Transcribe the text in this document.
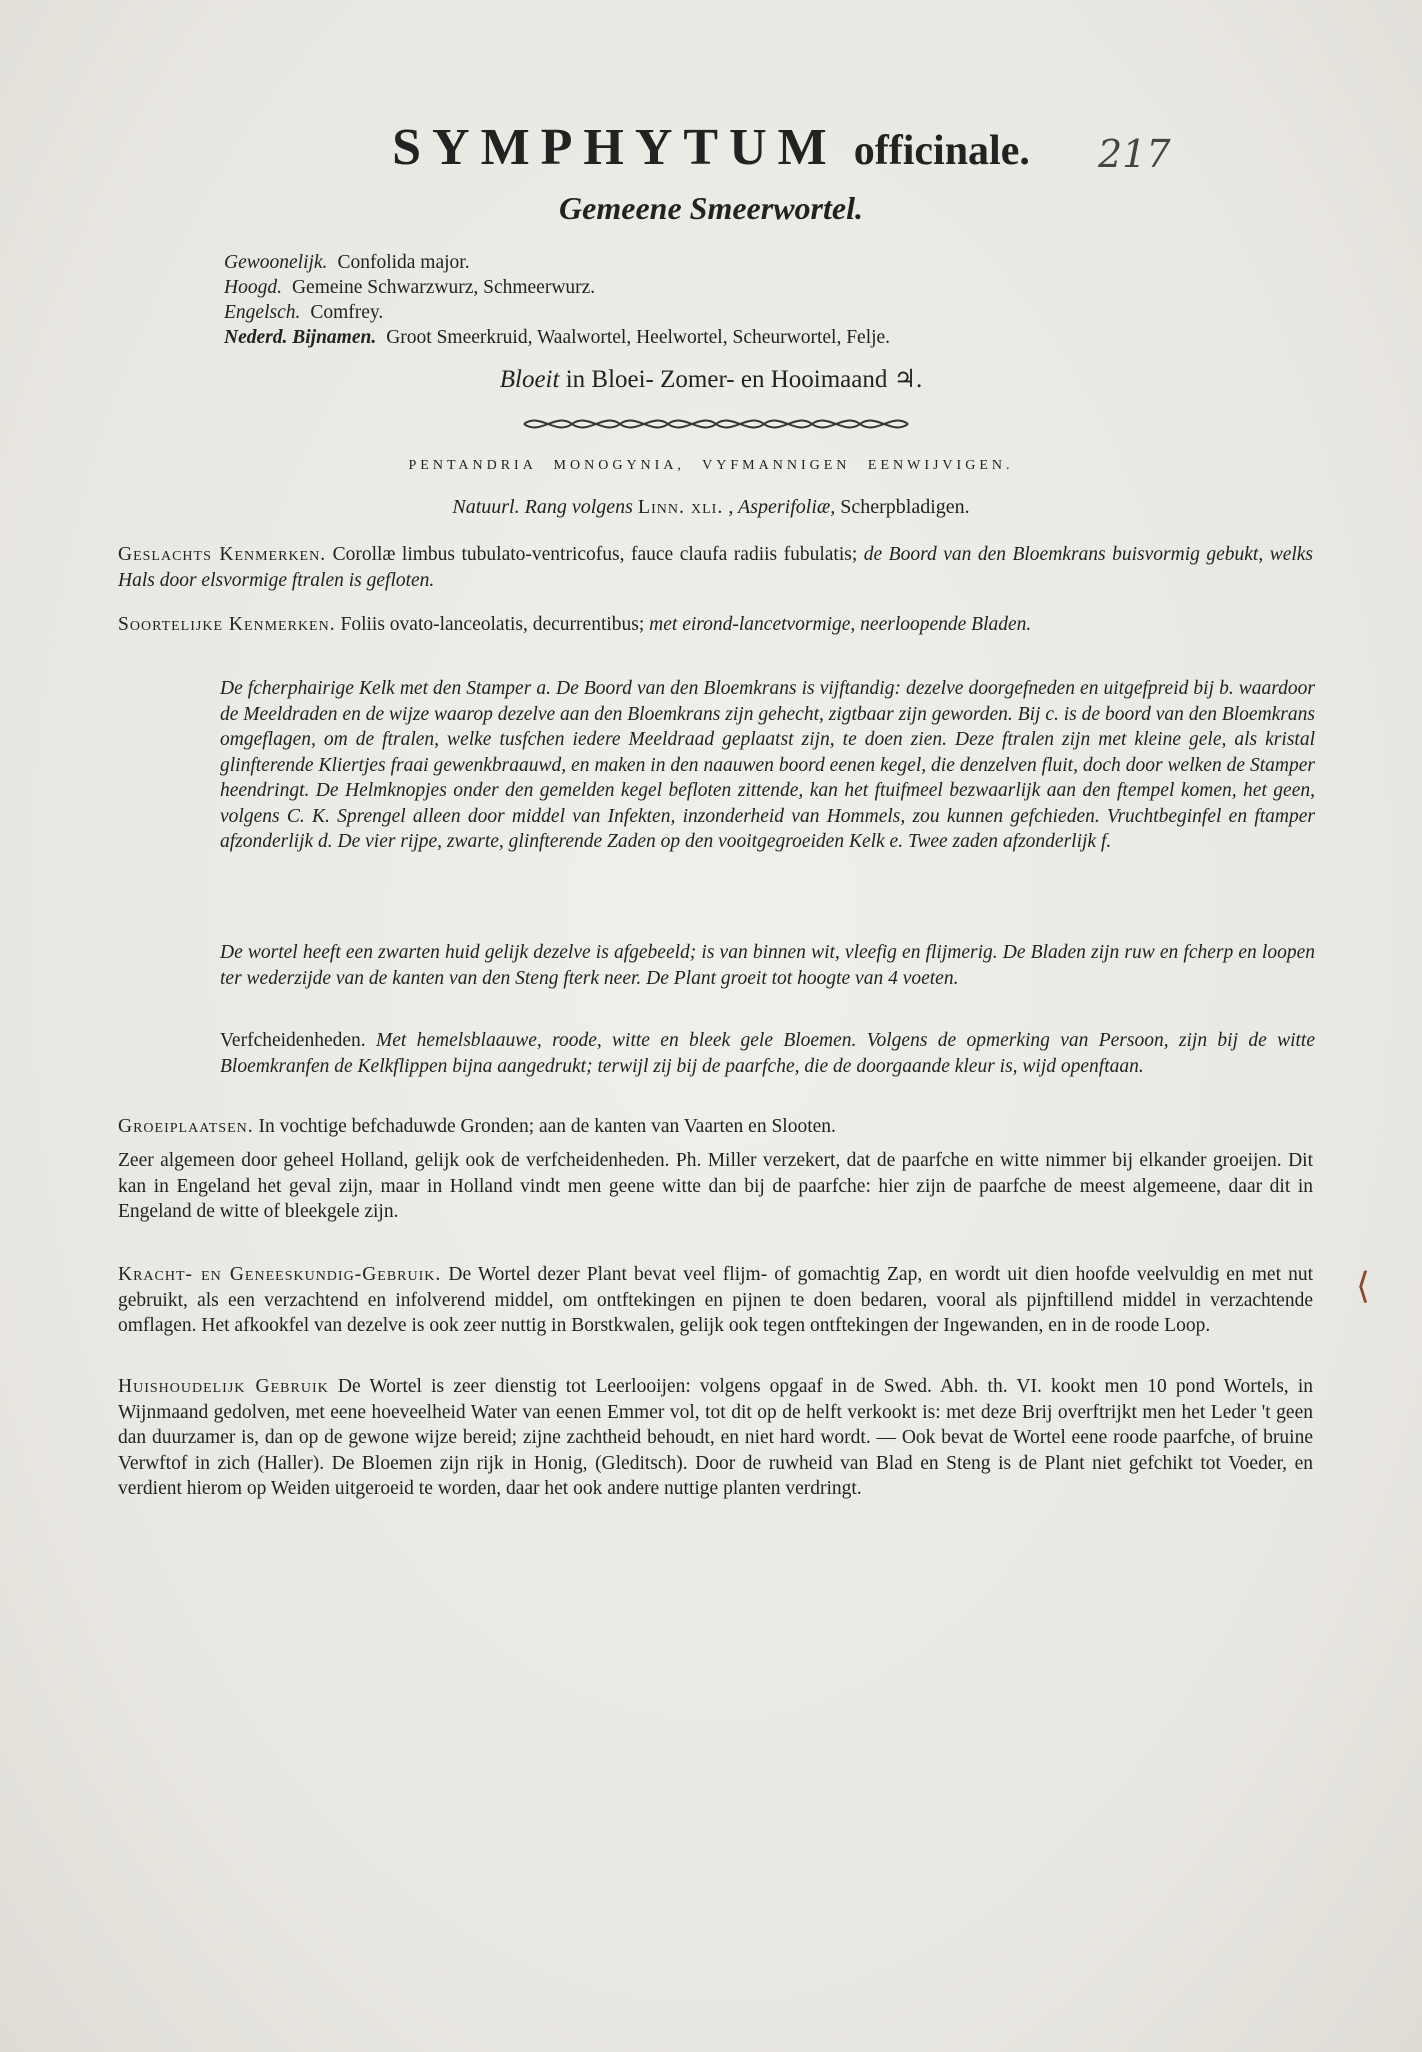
SYMPHYTUM officinale.	217
Gemeene Smeerwortel.
Gewoonelijk. Confolida major.
Hoogd. Gemeine Schwarzwurz, Schmeerwurz.
Engelsch. Comfrey.
Nederd. Bijnamen. Groot Smeerkruid, Waalwortel, Heelwortel, Scheurwortel, Felje.
Bloeit in Bloei- Zomer- en Hooimaand ♃.
PENTANDRIA MONOGYNIA, VYFMANNIGEN EENWIJVIGEN.
Natuurl. Rang volgens Linn. xli. , Asperifoliæ, Scherpbladigen.
Geslachts Kenmerken. Corollæ limbus tubulato-ventricofus, fauce claufa radiis fubulatis; de Boord van den Bloemkrans buisvormig gebukt, welks Hals door elsvormige ftralen is gefloten.
Soortelijke Kenmerken. Foliis ovato-lanceolatis, decurrentibus; met eirond-lancetvormige, neerloopende Bladen.
De fcherphairige Kelk met den Stamper a. De Boord van den Bloemkrans is vijftandig: dezelve doorgefneden en uitgefpreid bij b. waardoor de Meeldraden en de wijze waarop dezelve aan den Bloemkrans zijn gehecht, zigtbaar zijn geworden. Bij c. is de boord van den Bloemkrans omgeflagen, om de ftralen, welke tusfchen iedere Meeldraad geplaatst zijn, te doen zien. Deze ftralen zijn met kleine gele, als kristal glinfterende Kliertjes fraai gewenkbraauwd, en maken in den naauwen boord eenen kegel, die denzelven fluit, doch door welken de Stamper heendringt. De Helmknopjes onder den gemelden kegel befloten zittende, kan het ftuifmeel bezwaarlijk aan den ftempel komen, het geen, volgens C. K. Sprengel alleen door middel van Infekten, inzonderheid van Hommels, zou kunnen gefchieden. Vruchtbeginfel en ftamper afzonderlijk d. De vier rijpe, zwarte, glinfterende Zaden op den vooitgegroeiden Kelk e. Twee zaden afzonderlijk f.
De wortel heeft een zwarten huid gelijk dezelve is afgebeeld; is van binnen wit, vleefig en flijmerig. De Bladen zijn ruw en fcherp en loopen ter wederzijde van de kanten van den Steng fterk neer. De Plant groeit tot hoogte van 4 voeten.
Verfcheidenheden. Met hemelsblaauwe, roode, witte en bleek gele Bloemen. Volgens de opmerking van Persoon, zijn bij de witte Bloemkranfen de Kelkflippen bijna aangedrukt; terwijl zij bij de paarfche, die de doorgaande kleur is, wijd openftaan.
Groeiplaatsen. In vochtige befchaduwde Gronden; aan de kanten van Vaarten en Slooten.
Zeer algemeen door geheel Holland, gelijk ook de verfcheidenheden. Ph. Miller verzekert, dat de paarfche en witte nimmer bij elkander groeijen. Dit kan in Engeland het geval zijn, maar in Holland vindt men geene witte dan bij de paarfche: hier zijn de paarfche de meest algemeene, daar dit in Engeland de witte of bleekgele zijn.
Kracht- en Geneeskundig-Gebruik. De Wortel dezer Plant bevat veel flijm- of gomachtig Zap, en wordt uit dien hoofde veelvuldig en met nut gebruikt, als een verzachtend en infolverend middel, om ontftekingen en pijnen te doen bedaren, vooral als pijnftillend middel in verzachtende omflagen. Het afkookfel van dezelve is ook zeer nuttig in Borstkwalen, gelijk ook tegen ontftekingen der Ingewanden, en in de roode Loop.
⟨
Huishoudelijk Gebruik De Wortel is zeer dienstig tot Leerlooijen: volgens opgaaf in de Swed. Abh. th. VI. kookt men 10 pond Wortels, in Wijnmaand gedolven, met eene hoeveelheid Water van eenen Emmer vol, tot dit op de helft verkookt is: met deze Brij overftrijkt men het Leder 't geen dan duurzamer is, dan op de gewone wijze bereid; zijne zachtheid behoudt, en niet hard wordt. — Ook bevat de Wortel eene roode paarfche, of bruine Verwftof in zich (Haller). De Bloemen zijn rijk in Honig, (Gleditsch). Door de ruwheid van Blad en Steng is de Plant niet gefchikt tot Voeder, en verdient hierom op Weiden uitgeroeid te worden, daar het ook andere nuttige planten verdringt.
